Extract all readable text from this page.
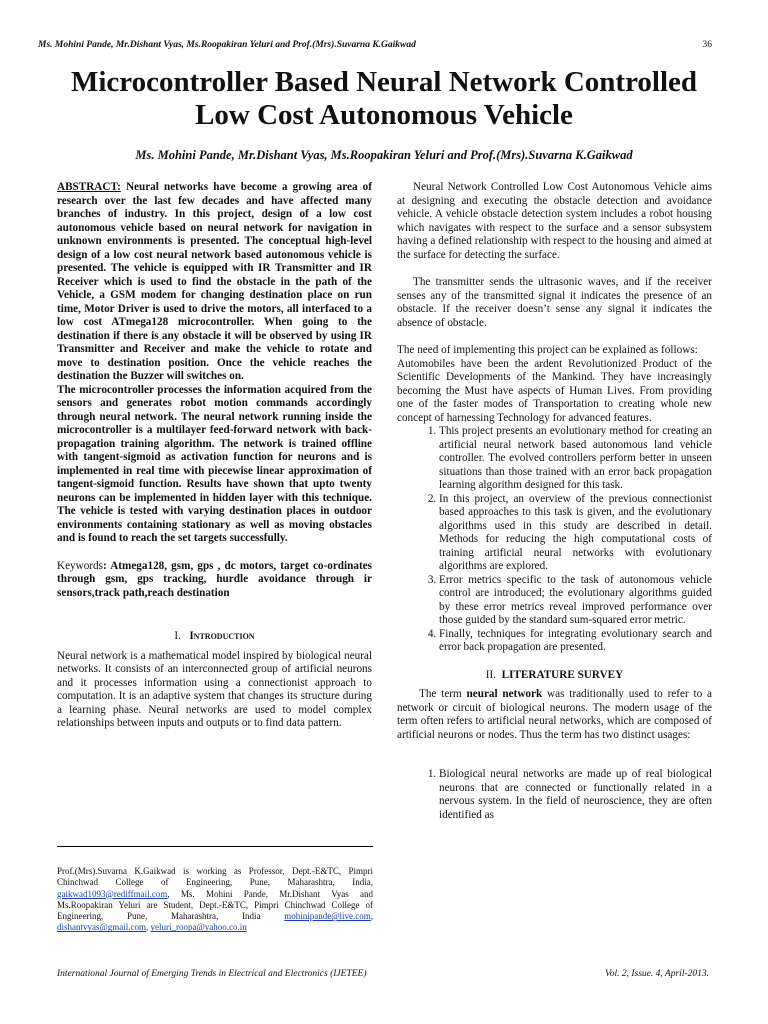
Ms. Mohini Pande, Mr.Dishant Vyas, Ms.Roopakiran Yeluri and Prof.(Mrs).Suvarna K.Gaikwad	36
Microcontroller Based Neural Network Controlled Low Cost Autonomous Vehicle
Ms. Mohini Pande, Mr.Dishant Vyas, Ms.Roopakiran Yeluri and Prof.(Mrs).Suvarna K.Gaikwad

ABSTRACT: Neural networks have become a growing area of research over the last few decades and have affected many branches of industry. In this project, design of a low cost autonomous vehicle based on neural network for navigation in unknown environments is presented. The conceptual high-level design of a low cost neural network based autonomous vehicle is presented. The vehicle is equipped with IR Transmitter and IR Receiver which is used to find the obstacle in the path of the Vehicle, a GSM modem for changing destination place on run time, Motor Driver is used to drive the motors, all interfaced to a low cost ATmega128 microcontroller. When going to the destination if there is any obstacle it will be observed by using IR Transmitter and Receiver and make the vehicle to rotate and move to destination position. Once the vehicle reaches the destination the Buzzer will switches on.

The microcontroller processes the information acquired from the sensors and generates robot motion commands accordingly through neural network. The neural network running inside the microcontroller is a multilayer feed-forward network with back-propagation training algorithm. The network is trained offline with tangent-sigmoid as activation function for neurons and is implemented in real time with piecewise linear approximation of tangent-sigmoid function. Results have shown that upto twenty neurons can be implemented in hidden layer with this technique. The vehicle is tested with varying destination places in outdoor environments containing stationary as well as moving obstacles and is found to reach the set targets successfully.

Keywords: Atmega128, gsm, gps , dc motors, target co-ordinates through gsm, gps tracking, hurdle avoidance through ir sensors,track path,reach destination

I. Introduction

Neural network is a mathematical model inspired by biological neural networks. It consists of an interconnected group of artificial neurons and it processes information using a connectionist approach to computation. It is an adaptive system that changes its structure during a learning phase. Neural networks are used to model complex relationships between inputs and outputs or to find data pattern.

Prof.(Mrs).Suvarna K.Gaikwad is working as Professor, Dept.-E&TC, Pimpri Chinchwad College of Engineering, Pune, Maharashtra, India, gaikwad1093@rediffmail.com, Ms. Mohini Pande, Mr.Dishant Vyas and Ms.Roopakiran Yeluri are Student, Dept.-E&TC, Pimpri Chinchwad College of Engineering, Pune, Maharashtra, India mohinipande@live.com, dishantvyas@gmail.com, yeluri_roopa@yahoo.co.in

Neural Network Controlled Low Cost Autonomous Vehicle aims at designing and executing the obstacle detection and avoidance vehicle. A vehicle obstacle detection system includes a robot housing which navigates with respect to the surface and a sensor subsystem having a defined relationship with respect to the housing and aimed at the surface for detecting the surface.

The transmitter sends the ultrasonic waves, and if the receiver senses any of the transmitted signal it indicates the presence of an obstacle. If the receiver doesn’t sense any signal it indicates the absence of obstacle.

The need of implementing this project can be explained as follows:

Automobiles have been the ardent Revolutionized Product of the Scientific Developments of the Mankind. They have increasingly becoming the Must have aspects of Human Lives. From providing one of the faster modes of Transportation to creating whole new concept of harnessing Technology for advanced features.

1. This project presents an evolutionary method for creating an artificial neural network based autonomous land vehicle controller. The evolved controllers perform better in unseen situations than those trained with an error back propagation learning algorithm designed for this task.
2. In this project, an overview of the previous connectionist based approaches to this task is given, and the evolutionary algorithms used in this study are described in detail. Methods for reducing the high computational costs of training artificial neural networks with evolutionary algorithms are explored.
3. Error metrics specific to the task of autonomous vehicle control are introduced; the evolutionary algorithms guided by these error metrics reveal improved performance over those guided by the standard sum-squared error metric.
4. Finally, techniques for integrating evolutionary search and error back propagation are presented.

II. LITERATURE SURVEY

The term neural network was traditionally used to refer to a network or circuit of biological neurons. The modern usage of the term often refers to artificial neural networks, which are composed of artificial neurons or nodes. Thus the term has two distinct usages:

1. Biological neural networks are made up of real biological neurons that are connected or functionally related in a nervous system. In the field of neuroscience, they are often identified as
International Journal of Emerging Trends in Electrical and Electronics (IJETEE)	Vol. 2, Issue. 4, April-2013.
